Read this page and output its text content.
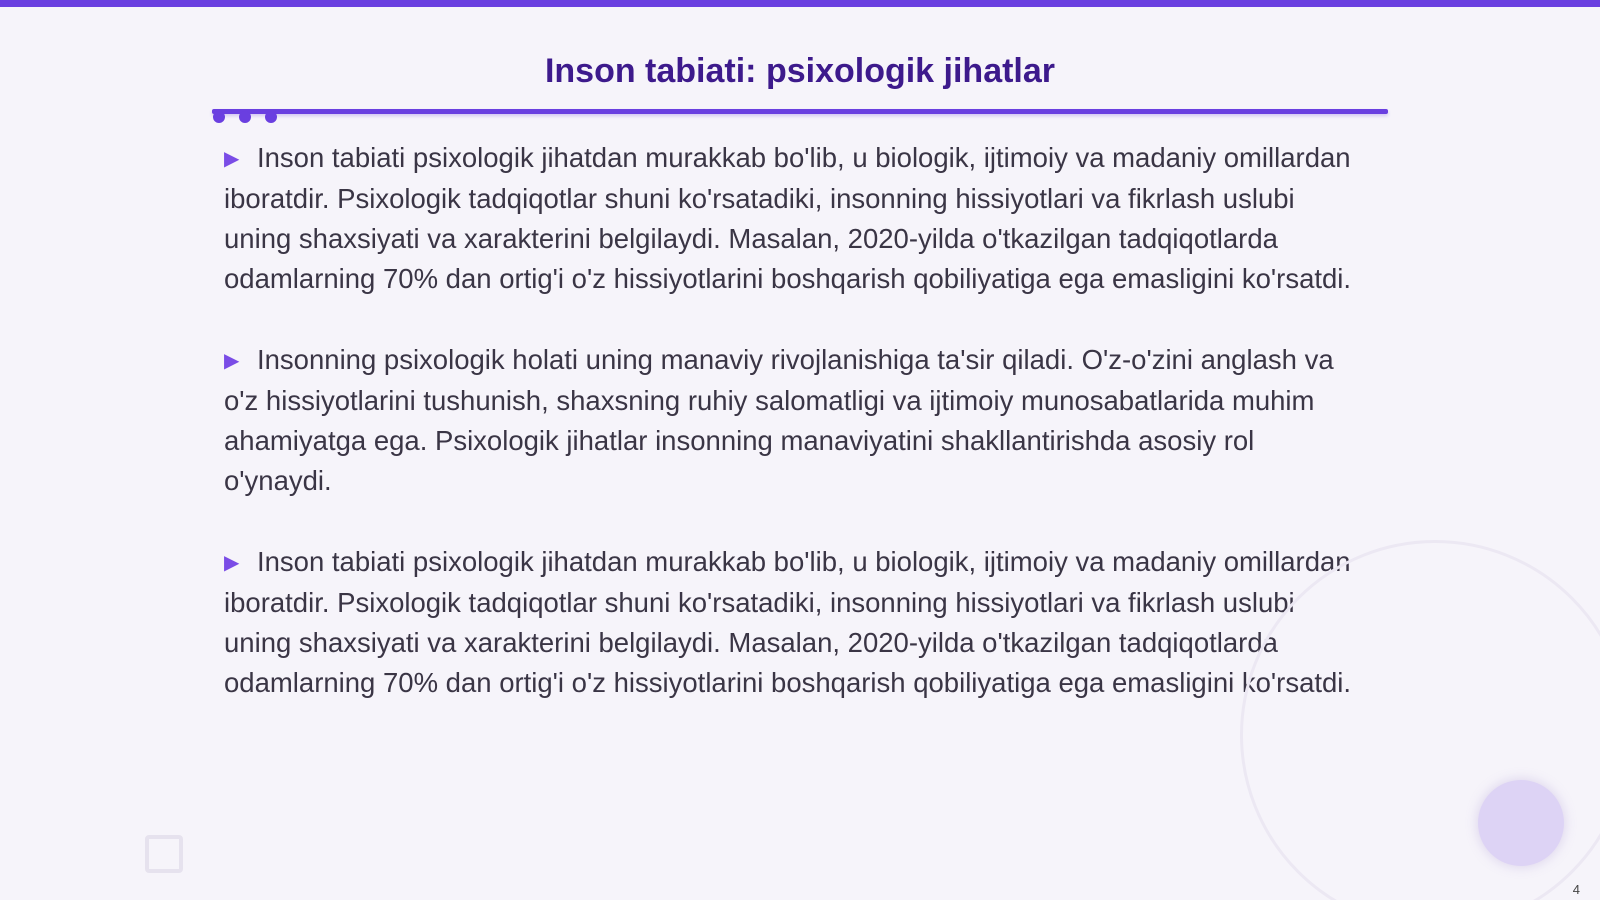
Inson tabiati: psixologik jihatlar

▶ Inson tabiati psixologik jihatdan murakkab bo'lib, u biologik, ijtimoiy va madaniy omillardan iboratdir. Psixologik tadqiqotlar shuni ko'rsatadiki, insonning hissiyotlari va fikrlash uslubi uning shaxsiyati va xarakterini belgilaydi. Masalan, 2020-yilda o'tkazilgan tadqiqotlarda odamlarning 70% dan ortig'i o'z hissiyotlarini boshqarish qobiliyatiga ega emasligini ko'rsatdi.

▶ Insonning psixologik holati uning manaviy rivojlanishiga ta'sir qiladi. O'z-o'zini anglash va o'z hissiyotlarini tushunish, shaxsning ruhiy salomatligi va ijtimoiy munosabatlarida muhim ahamiyatga ega. Psixologik jihatlar insonning manaviyatini shakllantirishda asosiy rol o'ynaydi.

▶ Inson tabiati psixologik jihatdan murakkab bo'lib, u biologik, ijtimoiy va madaniy omillardan iboratdir. Psixologik tadqiqotlar shuni ko'rsatadiki, insonning hissiyotlari va fikrlash uslubi uning shaxsiyati va xarakterini belgilaydi. Masalan, 2020-yilda o'tkazilgan tadqiqotlarda odamlarning 70% dan ortig'i o'z hissiyotlarini boshqarish qobiliyatiga ega emasligini ko'rsatdi.

4
